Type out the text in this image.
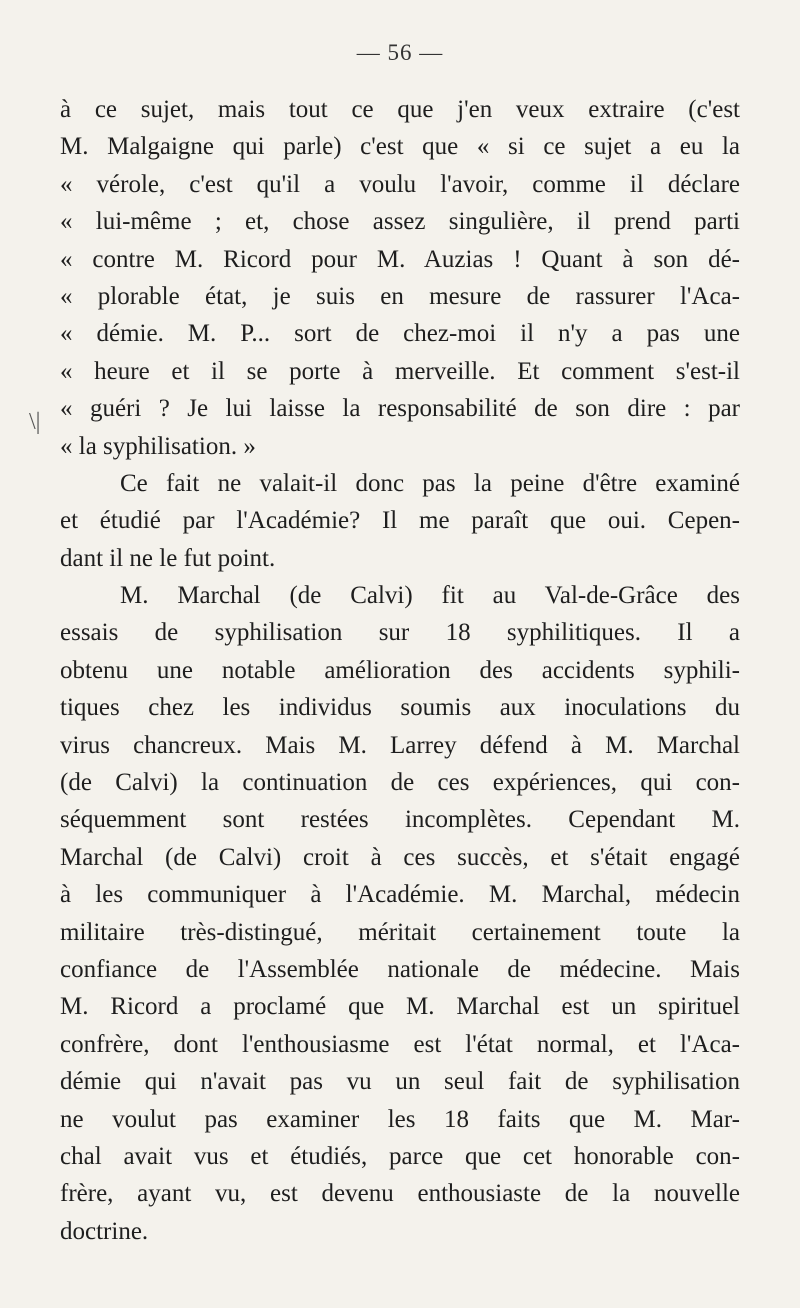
— 56 —
\|
à ce sujet, mais tout ce que j'en veux extraire (c'est
M. Malgaigne qui parle) c'est que « si ce sujet a eu la
« vérole, c'est qu'il a voulu l'avoir, comme il déclare
« lui-même ; et, chose assez singulière, il prend parti
« contre M. Ricord pour M. Auzias ! Quant à son dé-
« plorable état, je suis en mesure de rassurer l'Aca-
« démie. M. P... sort de chez-moi il n'y a pas une
« heure et il se porte à merveille. Et comment s'est-il
« guéri ? Je lui laisse la responsabilité de son dire : par
« la syphilisation. »
Ce fait ne valait-il donc pas la peine d'être examiné
et étudié par l'Académie? Il me paraît que oui. Cepen-
dant il ne le fut point.
M. Marchal (de Calvi) fit au Val-de-Grâce des
essais de syphilisation sur 18 syphilitiques. Il a
obtenu une notable amélioration des accidents syphili-
tiques chez les individus soumis aux inoculations du
virus chancreux. Mais M. Larrey défend à M. Marchal
(de Calvi) la continuation de ces expériences, qui con-
séquemment sont restées incomplètes. Cependant M.
Marchal (de Calvi) croit à ces succès, et s'était engagé
à les communiquer à l'Académie. M. Marchal, médecin
militaire très-distingué, méritait certainement toute la
confiance de l'Assemblée nationale de médecine. Mais
M. Ricord a proclamé que M. Marchal est un spirituel
confrère, dont l'enthousiasme est l'état normal, et l'Aca-
démie qui n'avait pas vu un seul fait de syphilisation
ne voulut pas examiner les 18 faits que M. Mar-
chal avait vus et étudiés, parce que cet honorable con-
frère, ayant vu, est devenu enthousiaste de la nouvelle
doctrine.
